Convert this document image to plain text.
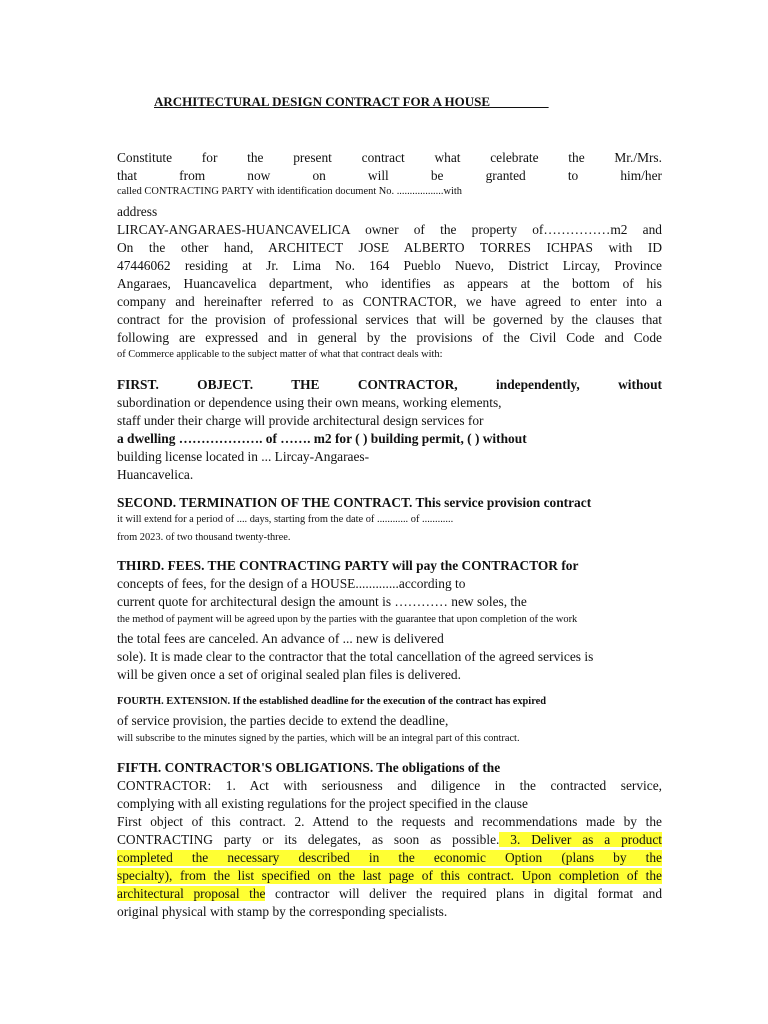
ARCHITECTURAL DESIGN CONTRACT FOR A HOUSE_________
Constitute for the present contract what celebrate the Mr./Mrs.
that from now on will be granted to him/her
called CONTRACTING PARTY with identification document No. ..................with
address
LIRCAY-ANGARAES-HUANCAVELICA owner of the property of……………m2 and
On the other hand, ARCHITECT JOSE ALBERTO TORRES ICHPAS with ID
47446062 residing at Jr. Lima No. 164 Pueblo Nuevo, District Lircay, Province
Angaraes, Huancavelica department, who identifies as appears at the bottom of his
company and hereinafter referred to as CONTRACTOR, we have agreed to enter into a
contract for the provision of professional services that will be governed by the clauses that
following are expressed and in general by the provisions of the Civil Code and Code
of Commerce applicable to the subject matter of what that contract deals with:
FIRST. OBJECT. THE CONTRACTOR, independently, without
subordination or dependence using their own means, working elements,
staff under their charge will provide architectural design services for
a dwelling ………………. of ……. m2 for ( ) building permit, ( ) without
building license located in ... Lircay-Angaraes-
Huancavelica.
SECOND. TERMINATION OF THE CONTRACT. This service provision contract
it will extend for a period of .... days, starting from the date of ............ of ............
from 2023. of two thousand twenty-three.
THIRD. FEES. THE CONTRACTING PARTY will pay the CONTRACTOR for
concepts of fees, for the design of a HOUSE.............according to
current quote for architectural design the amount is ………… new soles, the
the method of payment will be agreed upon by the parties with the guarantee that upon completion of the work
the total fees are canceled. An advance of ... new is delivered
sole). It is made clear to the contractor that the total cancellation of the agreed services is
will be given once a set of original sealed plan files is delivered.
FOURTH. EXTENSION. If the established deadline for the execution of the contract has expired
of service provision, the parties decide to extend the deadline,
will subscribe to the minutes signed by the parties, which will be an integral part of this contract.
FIFTH. CONTRACTOR'S OBLIGATIONS. The obligations of the
CONTRACTOR: 1. Act with seriousness and diligence in the contracted service,
complying with all existing regulations for the project specified in the clause
First object of this contract. 2. Attend to the requests and recommendations made by the
CONTRACTING party or its delegates, as soon as possible. 3. Deliver as a product
completed the necessary described in the economic Option (plans by the
specialty), from the list specified on the last page of this contract. Upon completion of the
architectural proposal the contractor will deliver the required plans in digital format and
original physical with stamp by the corresponding specialists.
